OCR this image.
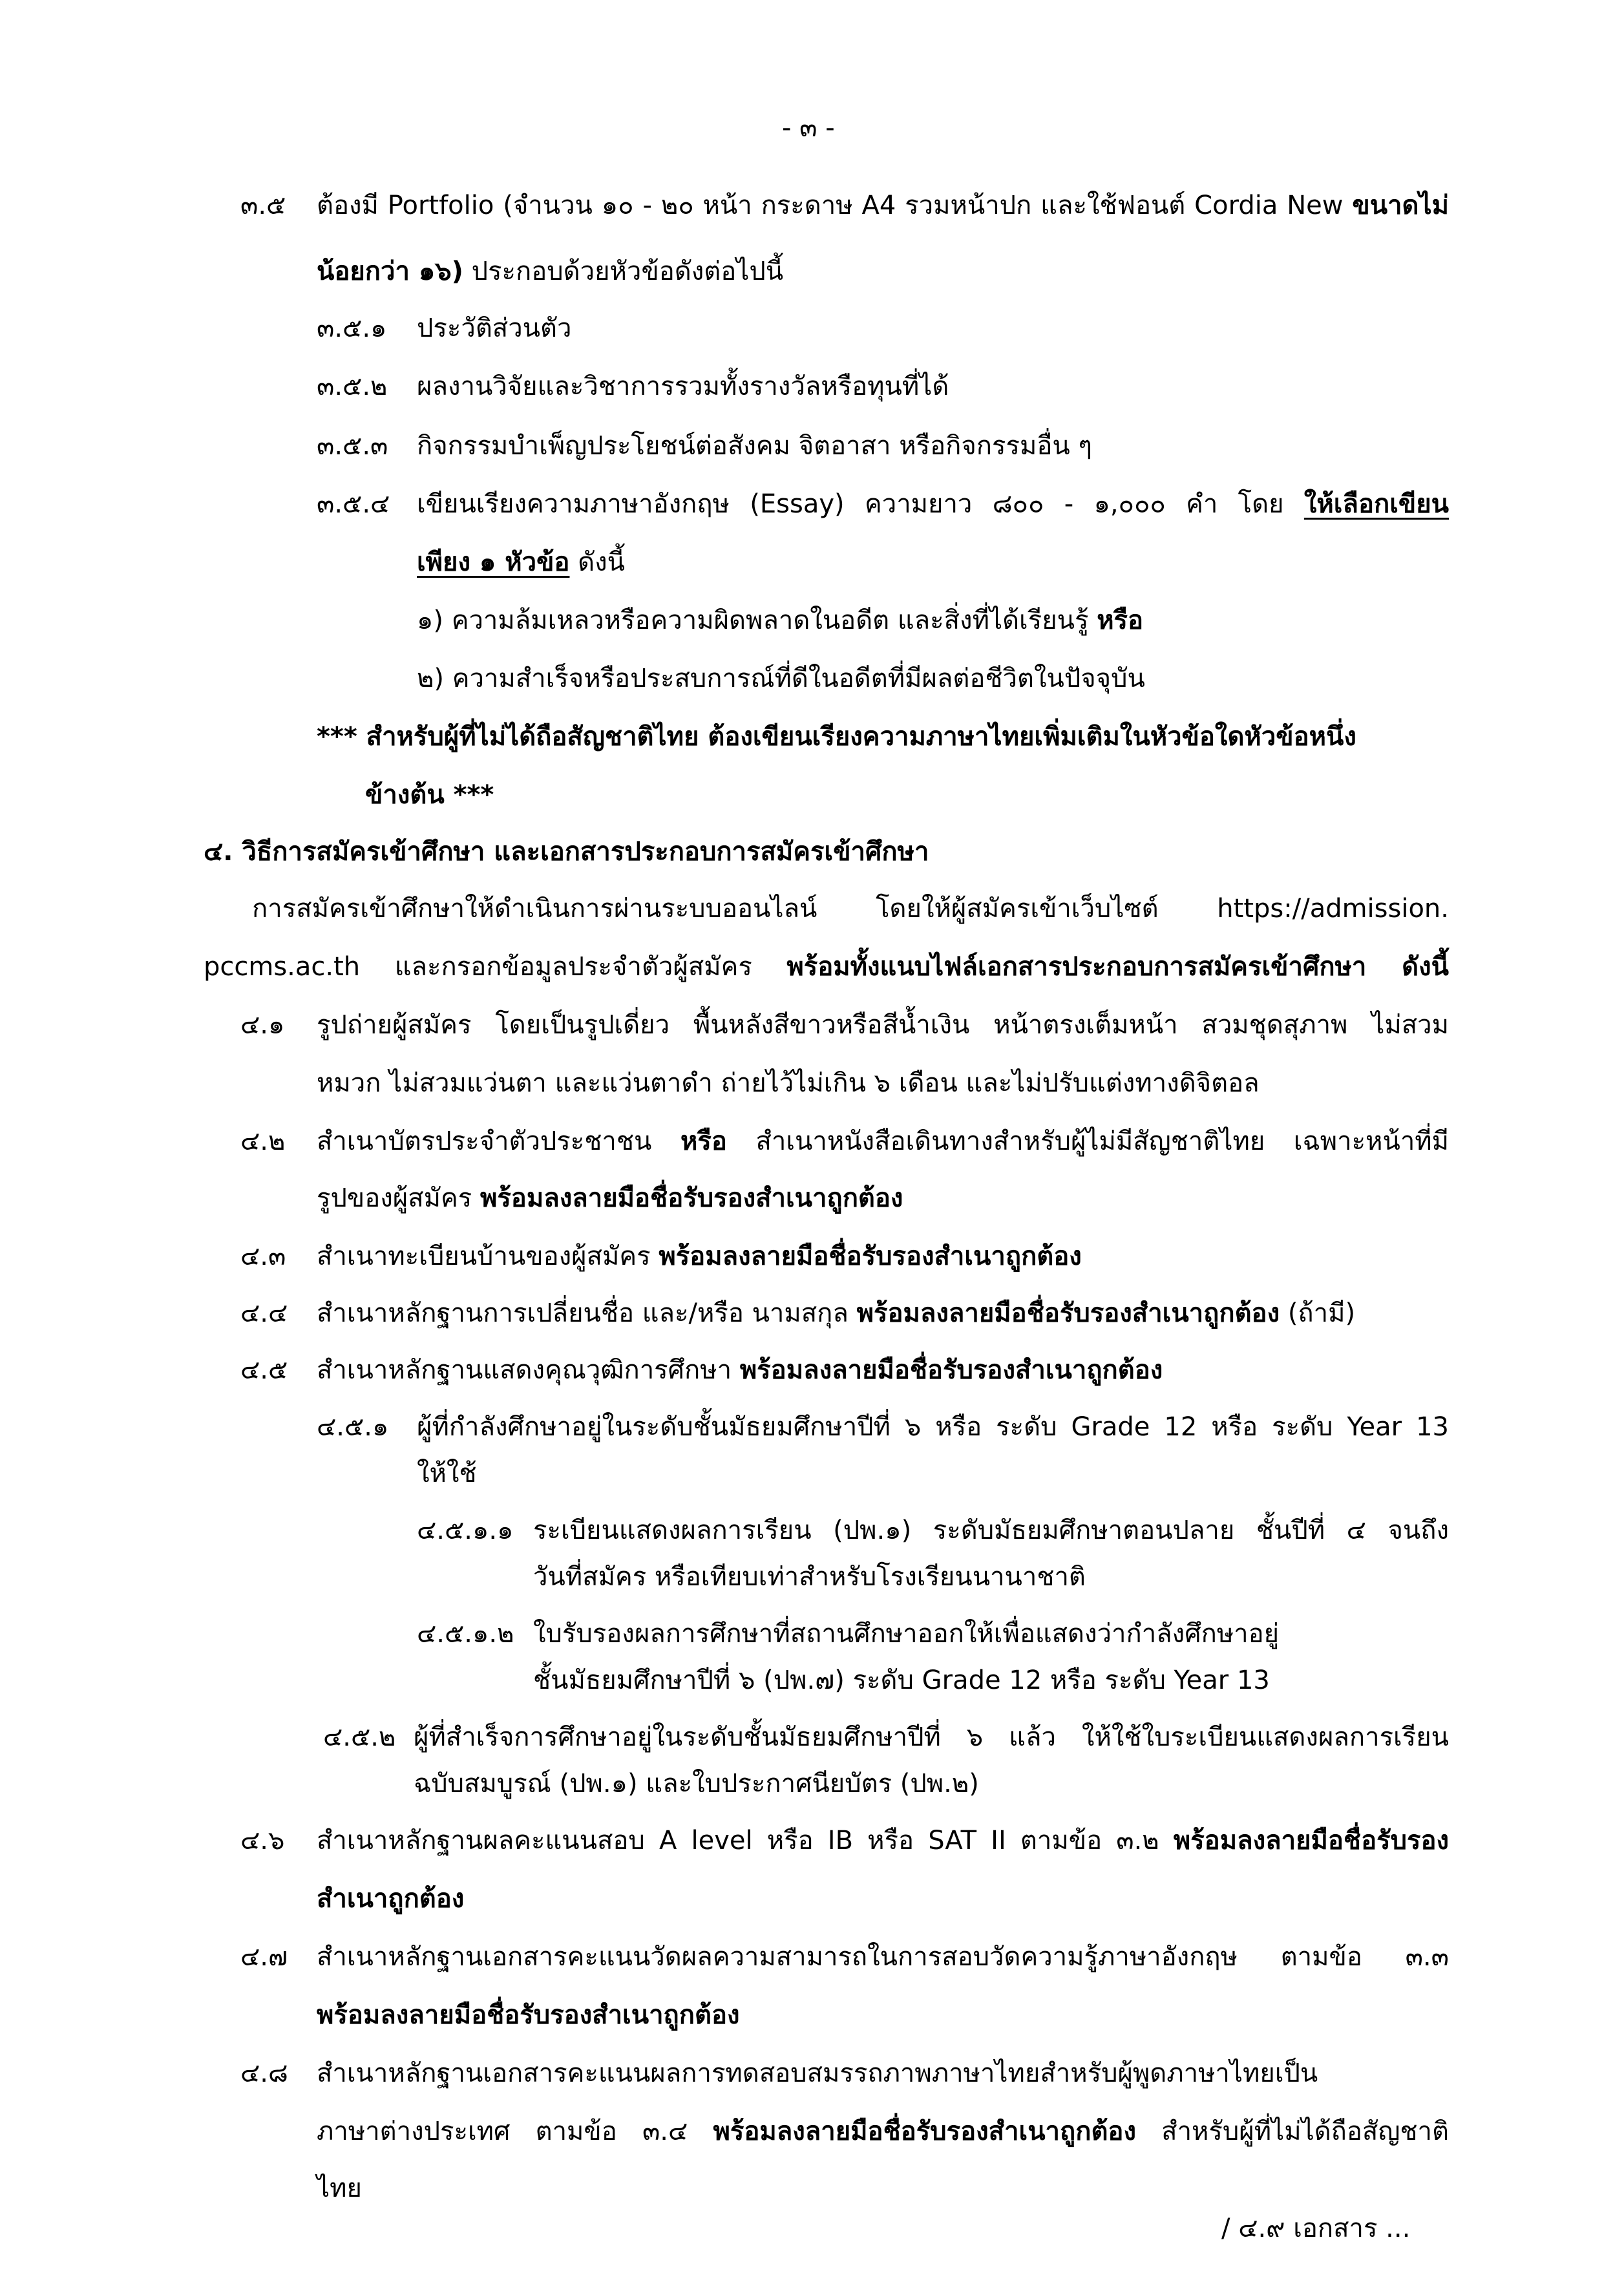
- ๓ -
๓.๕ ต้องมี Portfolio (จำนวน ๑๐ - ๒๐ หน้า กระดาษ A4 รวมหน้าปก และใช้ฟอนต์ Cordia New ขนาดไม่
น้อยกว่า ๑๖) ประกอบด้วยหัวข้อดังต่อไปนี้
๓.๕.๑ ประวัติส่วนตัว
๓.๕.๒ ผลงานวิจัยและวิชาการรวมทั้งรางวัลหรือทุนที่ได้
๓.๕.๓ กิจกรรมบำเพ็ญประโยชน์ต่อสังคม จิตอาสา หรือกิจกรรมอื่น ๆ
๓.๕.๔ เขียนเรียงความภาษาอังกฤษ (Essay) ความยาว ๘๐๐ - ๑,๐๐๐ คำ โดย ให้เลือกเขียน
เพียง ๑ หัวข้อ ดังนี้
๑) ความล้มเหลวหรือความผิดพลาดในอดีต และสิ่งที่ได้เรียนรู้ หรือ
๒) ความสำเร็จหรือประสบการณ์ที่ดีในอดีตที่มีผลต่อชีวิตในปัจจุบัน
*** สำหรับผู้ที่ไม่ได้ถือสัญชาติไทย ต้องเขียนเรียงความภาษาไทยเพิ่มเติมในหัวข้อใดหัวข้อหนึ่ง
ข้างต้น ***
๔. วิธีการสมัครเข้าศึกษา และเอกสารประกอบการสมัครเข้าศึกษา
การสมัครเข้าศึกษาให้ดำเนินการผ่านระบบออนไลน์ โดยให้ผู้สมัครเข้าเว็บไซต์ https://admission.
pccms.ac.th และกรอกข้อมูลประจำตัวผู้สมัคร พร้อมทั้งแนบไฟล์เอกสารประกอบการสมัครเข้าศึกษา ดังนี้
๔.๑ รูปถ่ายผู้สมัคร โดยเป็นรูปเดี่ยว พื้นหลังสีขาวหรือสีน้ำเงิน หน้าตรงเต็มหน้า สวมชุดสุภาพ ไม่สวม
หมวก ไม่สวมแว่นตา และแว่นตาดำ ถ่ายไว้ไม่เกิน ๖ เดือน และไม่ปรับแต่งทางดิจิตอล
๔.๒ สำเนาบัตรประจำตัวประชาชน หรือ สำเนาหนังสือเดินทางสำหรับผู้ไม่มีสัญชาติไทย เฉพาะหน้าที่มี
รูปของผู้สมัคร พร้อมลงลายมือชื่อรับรองสำเนาถูกต้อง
๔.๓ สำเนาทะเบียนบ้านของผู้สมัคร พร้อมลงลายมือชื่อรับรองสำเนาถูกต้อง
๔.๔ สำเนาหลักฐานการเปลี่ยนชื่อ และ/หรือ นามสกุล พร้อมลงลายมือชื่อรับรองสำเนาถูกต้อง (ถ้ามี)
๔.๕ สำเนาหลักฐานแสดงคุณวุฒิการศึกษา พร้อมลงลายมือชื่อรับรองสำเนาถูกต้อง
๔.๕.๑ ผู้ที่กำลังศึกษาอยู่ในระดับชั้นมัธยมศึกษาปีที่ ๖ หรือ ระดับ Grade 12 หรือ ระดับ Year 13
ให้ใช้
๔.๕.๑.๑ ระเบียนแสดงผลการเรียน (ปพ.๑) ระดับมัธยมศึกษาตอนปลาย ชั้นปีที่ ๔ จนถึง
วันที่สมัคร หรือเทียบเท่าสำหรับโรงเรียนนานาชาติ
๔.๕.๑.๒ ใบรับรองผลการศึกษาที่สถานศึกษาออกให้เพื่อแสดงว่ากำลังศึกษาอยู่
ชั้นมัธยมศึกษาปีที่ ๖ (ปพ.๗) ระดับ Grade 12 หรือ ระดับ Year 13
๔.๕.๒ ผู้ที่สำเร็จการศึกษาอยู่ในระดับชั้นมัธยมศึกษาปีที่ ๖ แล้ว ให้ใช้ใบระเบียนแสดงผลการเรียน
ฉบับสมบูรณ์ (ปพ.๑) และใบประกาศนียบัตร (ปพ.๒)
๔.๖ สำเนาหลักฐานผลคะแนนสอบ A level หรือ IB หรือ SAT II ตามข้อ ๓.๒ พร้อมลงลายมือชื่อรับรอง
สำเนาถูกต้อง
๔.๗ สำเนาหลักฐานเอกสารคะแนนวัดผลความสามารถในการสอบวัดความรู้ภาษาอังกฤษ ตามข้อ ๓.๓
พร้อมลงลายมือชื่อรับรองสำเนาถูกต้อง
๔.๘ สำเนาหลักฐานเอกสารคะแนนผลการทดสอบสมรรถภาพภาษาไทยสำหรับผู้พูดภาษาไทยเป็น
ภาษาต่างประเทศ ตามข้อ ๓.๔ พร้อมลงลายมือชื่อรับรองสำเนาถูกต้อง สำหรับผู้ที่ไม่ได้ถือสัญชาติ
ไทย
/ ๔.๙ เอกสาร ...
